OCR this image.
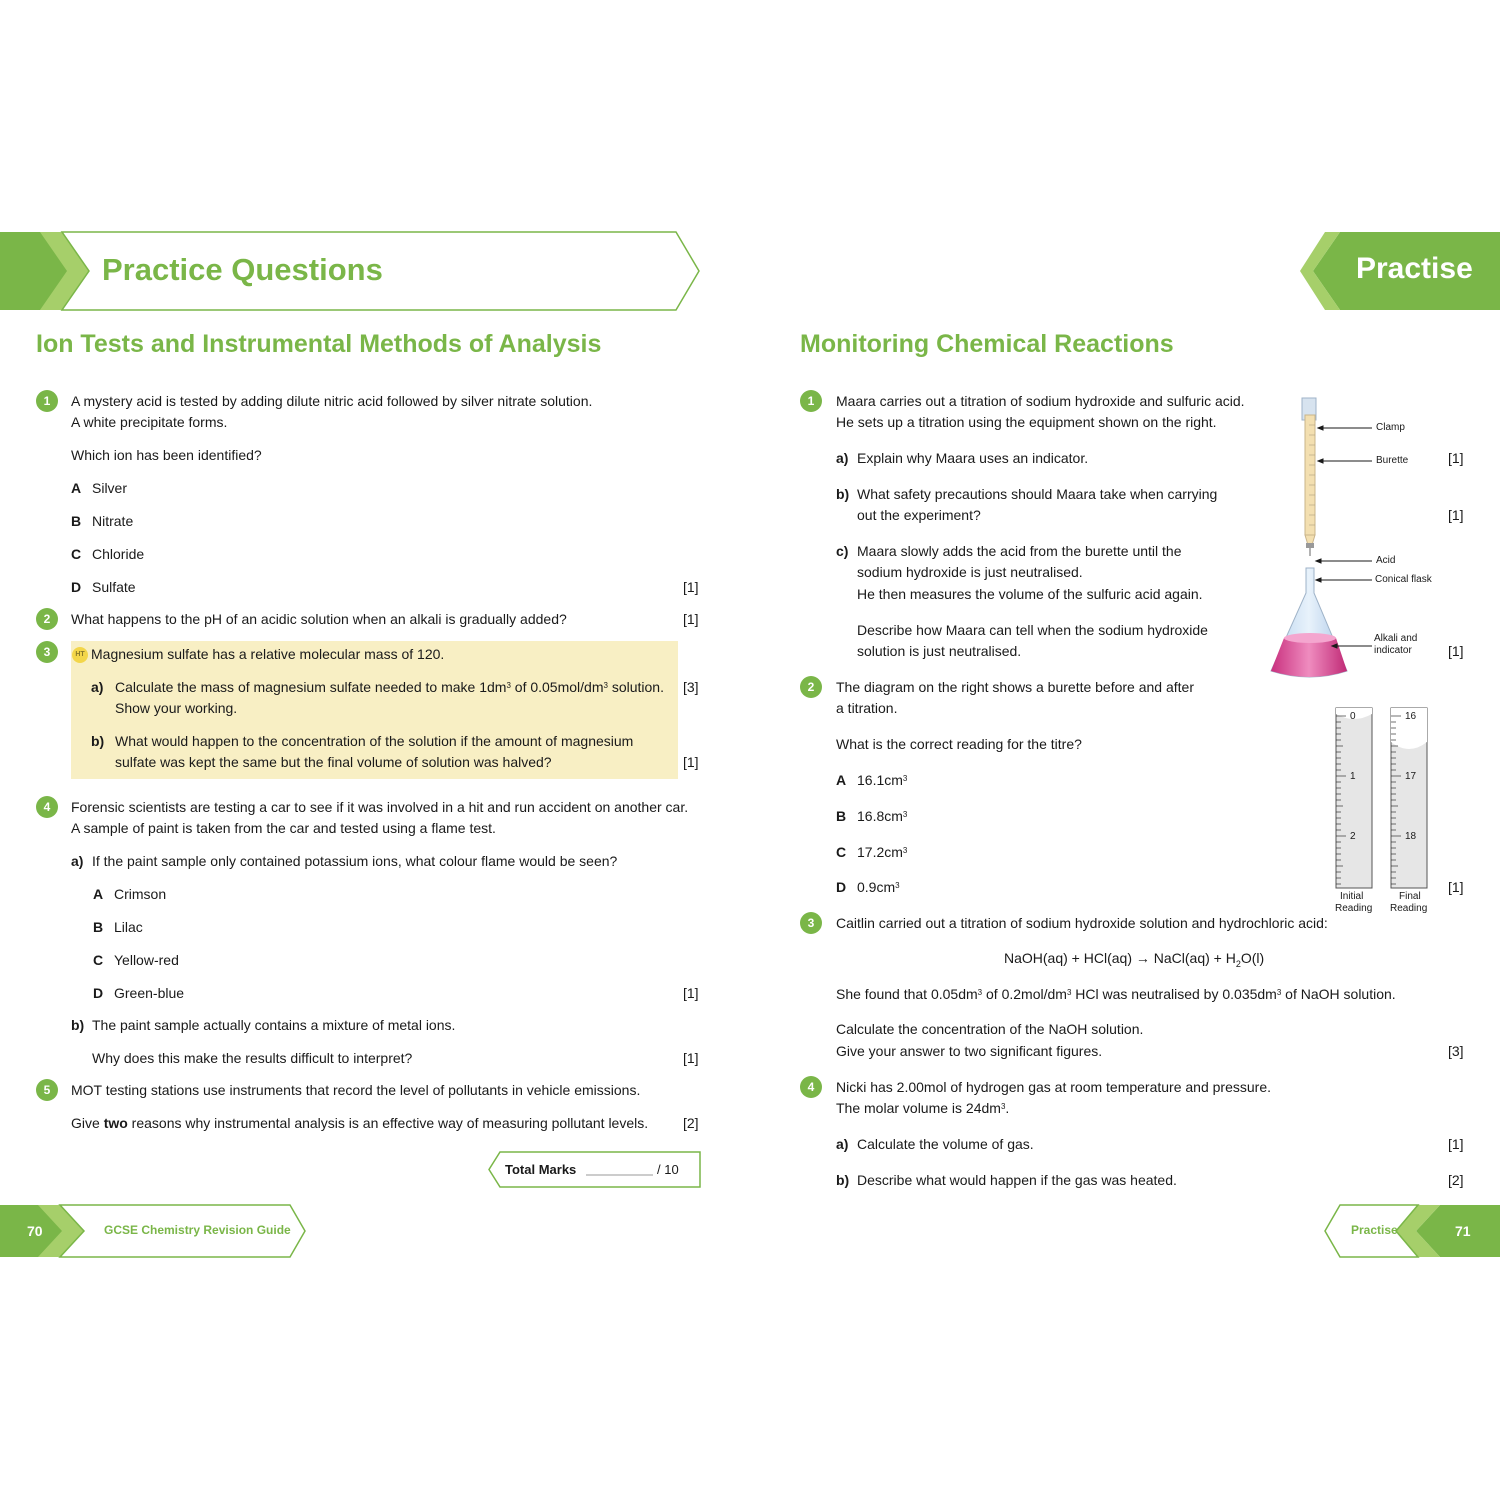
Practice Questions	Practise
Ion Tests and Instrumental Methods of Analysis
1	A mystery acid is tested by adding dilute nitric acid followed by silver nitrate solution.
A white precipitate forms.
Which ion has been identified?
A Silver
B Nitrate
C Chloride
D Sulfate	[1]
2	What happens to the pH of an acidic solution when an alkali is gradually added?	[1]
3	HT Magnesium sulfate has a relative molecular mass of 120.
a) Calculate the mass of magnesium sulfate needed to make $1dm^3$ of $0.05mol/dm^3$ solution.
Show your working.
[3]
b) What would happen to the concentration of the solution if the amount of magnesium
sulfate was kept the same but the final volume of solution was halved?	[1]
4	Forensic scientists are testing a car to see if it was involved in a hit and run accident on another car.
A sample of paint is taken from the car and tested using a flame test.
a) If the paint sample only contained potassium ions, what colour flame would be seen?
A Crimson
B Lilac
C Yellow-red
D Green-blue	[1]
b) The paint sample actually contains a mixture of metal ions.
Why does this make the results difficult to interpret?	[1]
5	MOT testing stations use instruments that record the level of pollutants in vehicle emissions.
Give two reasons why instrumental analysis is an effective way of measuring pollutant levels. [2]
Total Marks	/ 10
Monitoring Chemical Reactions
1	Maara carries out a titration of sodium hydroxide and sulfuric acid.
He sets up a titration using the equipment shown on the right.
a) Explain why Maara uses an indicator.	[1]
b) What safety precautions should Maara take when carrying
out the experiment?	[1]
c) Maara slowly adds the acid from the burette until the
sodium hydroxide is just neutralised.
He then measures the volume of the sulfuric acid again.
Describe how Maara can tell when the sodium hydroxide
solution is just neutralised.	[1]
Clamp
Burette
Acid
Conical flask
Alkali and
indicator
2	The diagram on the right shows a burette before and after
a titration.
What is the correct reading for the titre?
A $16.1cm^3$
B $16.8cm^3$
C $17.2cm^3$
D $0.9cm^3$	[1]
0
1
2
16
17
18
Initial
Reading
Final
Reading
3	Caitlin carried out a titration of sodium hydroxide solution and hydrochloric acid:
NaOH(aq) + HCl(aq) → NaCl(aq) + $H_2O(l)$
She found that $0.05dm^3$ of $0.2mol/dm^3$ HCl was neutralised by $0.035dm^3$ of NaOH solution.
Calculate the concentration of the NaOH solution.
Give your answer to two significant figures.	[3]
4	Nicki has 2.00mol of hydrogen gas at room temperature and pressure.
The molar volume is $24dm^3$.
a) Calculate the volume of gas.	[1]
b) Describe what would happen if the gas was heated.	[2]
70	GCSE Chemistry Revision Guide	Practise	71
